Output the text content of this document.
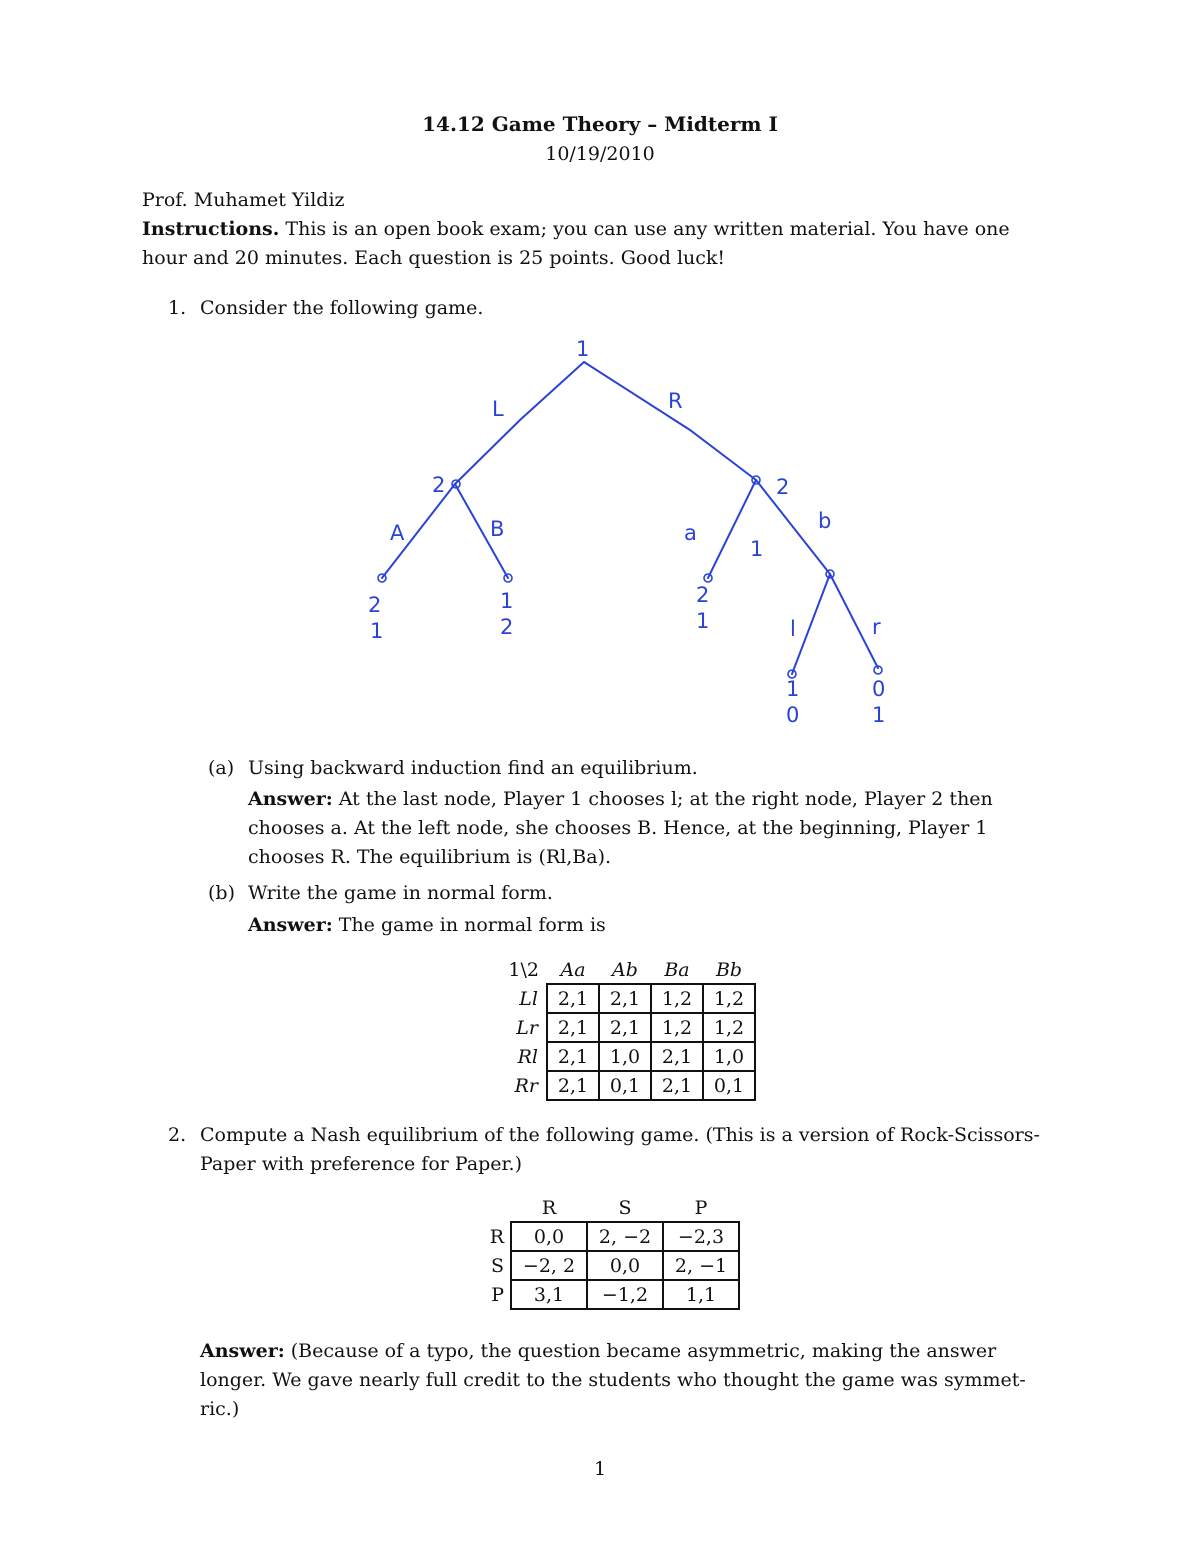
14.12 Game Theory – Midterm I
10/19/2010
Prof. Muhamet Yildiz
Instructions. This is an open book exam; you can use any written material. You have one
hour and 20 minutes. Each question is 25 points. Good luck!
1. Consider the following game.
1
L	R
2	2
A	B	a	b
1
l	r
2
1
1
2
2
1
1
0
0
1
(a) Using backward induction find an equilibrium.
Answer: At the last node, Player 1 chooses l; at the right node, Player 2 then
chooses a. At the left node, she chooses B. Hence, at the beginning, Player 1
chooses R. The equilibrium is (Rl,Ba).
(b) Write the game in normal form.
Answer: The game in normal form is
1\2	Aa	Ab	Ba	Bb
Ll	2,1	2,1	1,2	1,2
Lr	2,1	2,1	1,2	1,2
Rl	2,1	1,0	2,1	1,0
Rr	2,1	0,1	2,1	0,1
2. Compute a Nash equilibrium of the following game. (This is a version of Rock-Scissors-
Paper with preference for Paper.)
	R	S	P
R	0,0	2, −2	−2,3
S	−2, 2	0,0	2, −1
P	3,1	−1,2	1,1
Answer: (Because of a typo, the question became asymmetric, making the answer
longer. We gave nearly full credit to the students who thought the game was symmet-
ric.)
1
